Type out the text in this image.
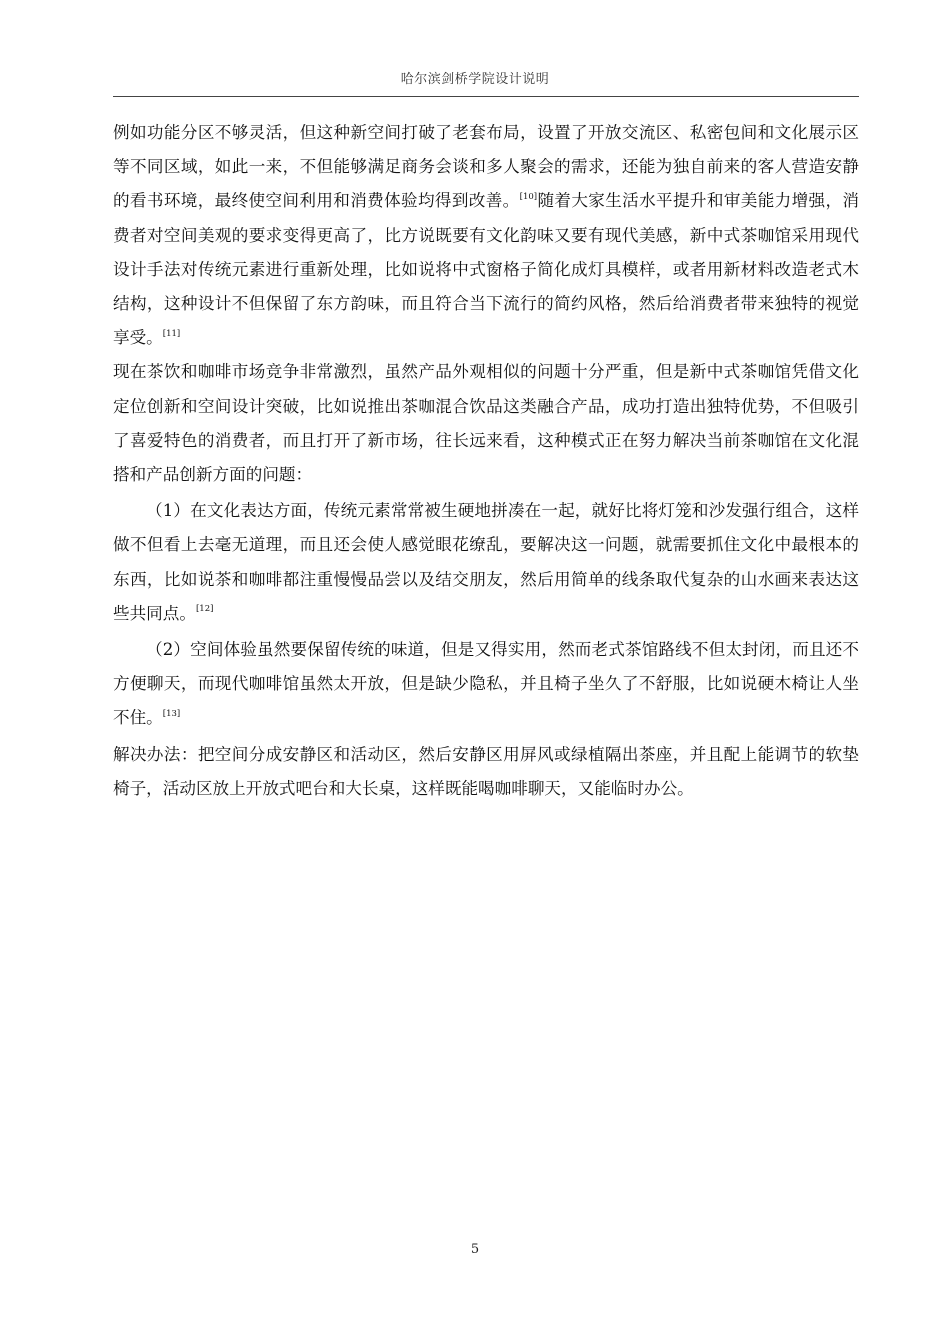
哈尔滨剑桥学院设计说明

例如功能分区不够灵活，但这种新空间打破了老套布局，设置了开放交流区、私密包间和文化展示区等不同区域，如此一来，不但能够满足商务会谈和多人聚会的需求，还能为独自前来的客人营造安静的看书环境，最终使空间利用和消费体验均得到改善。[10]随着大家生活水平提升和审美能力增强，消费者对空间美观的要求变得更高了，比方说既要有文化韵味又要有现代美感，新中式茶咖馆采用现代设计手法对传统元素进行重新处理，比如说将中式窗格子简化成灯具模样，或者用新材料改造老式木结构，这种设计不但保留了东方韵味，而且符合当下流行的简约风格，然后给消费者带来独特的视觉享受。[11]

现在茶饮和咖啡市场竞争非常激烈，虽然产品外观相似的问题十分严重，但是新中式茶咖馆凭借文化定位创新和空间设计突破，比如说推出茶咖混合饮品这类融合产品，成功打造出独特优势，不但吸引了喜爱特色的消费者，而且打开了新市场，往长远来看，这种模式正在努力解决当前茶咖馆在文化混搭和产品创新方面的问题：

（1）在文化表达方面，传统元素常常被生硬地拼凑在一起，就好比将灯笼和沙发强行组合，这样做不但看上去毫无道理，而且还会使人感觉眼花缭乱，要解决这一问题，就需要抓住文化中最根本的东西，比如说茶和咖啡都注重慢慢品尝以及结交朋友，然后用简单的线条取代复杂的山水画来表达这些共同点。[12]

（2）空间体验虽然要保留传统的味道，但是又得实用，然而老式茶馆路线不但太封闭，而且还不方便聊天，而现代咖啡馆虽然太开放，但是缺少隐私，并且椅子坐久了不舒服，比如说硬木椅让人坐不住。[13]

解决办法：把空间分成安静区和活动区，然后安静区用屏风或绿植隔出茶座，并且配上能调节的软垫椅子，活动区放上开放式吧台和大长桌，这样既能喝咖啡聊天，又能临时办公。

5
